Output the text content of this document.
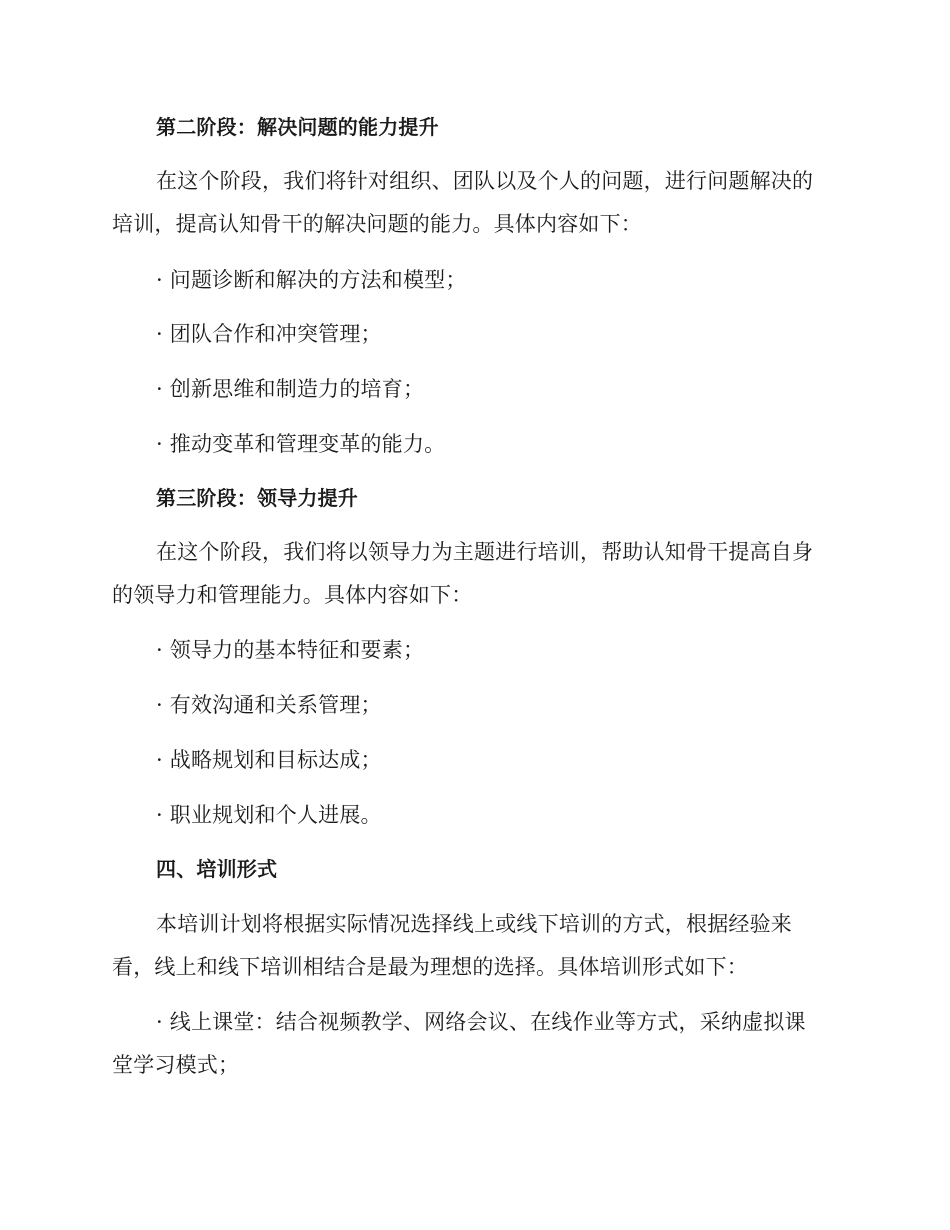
第二阶段：解决问题的能力提升
在这个阶段，我们将针对组织、团队以及个人的问题，进行问题解决的
培训，提高认知骨干的解决问题的能力。具体内容如下：
· 问题诊断和解决的方法和模型；
· 团队合作和冲突管理；
· 创新思维和制造力的培育；
· 推动变革和管理变革的能力。
第三阶段：领导力提升
在这个阶段，我们将以领导力为主题进行培训，帮助认知骨干提高自身
的领导力和管理能力。具体内容如下：
· 领导力的基本特征和要素；
· 有效沟通和关系管理；
· 战略规划和目标达成；
· 职业规划和个人进展。
四、培训形式
本培训计划将根据实际情况选择线上或线下培训的方式，根据经验来
看，线上和线下培训相结合是最为理想的选择。具体培训形式如下：
· 线上课堂：结合视频教学、网络会议、在线作业等方式，采纳虚拟课
堂学习模式；
